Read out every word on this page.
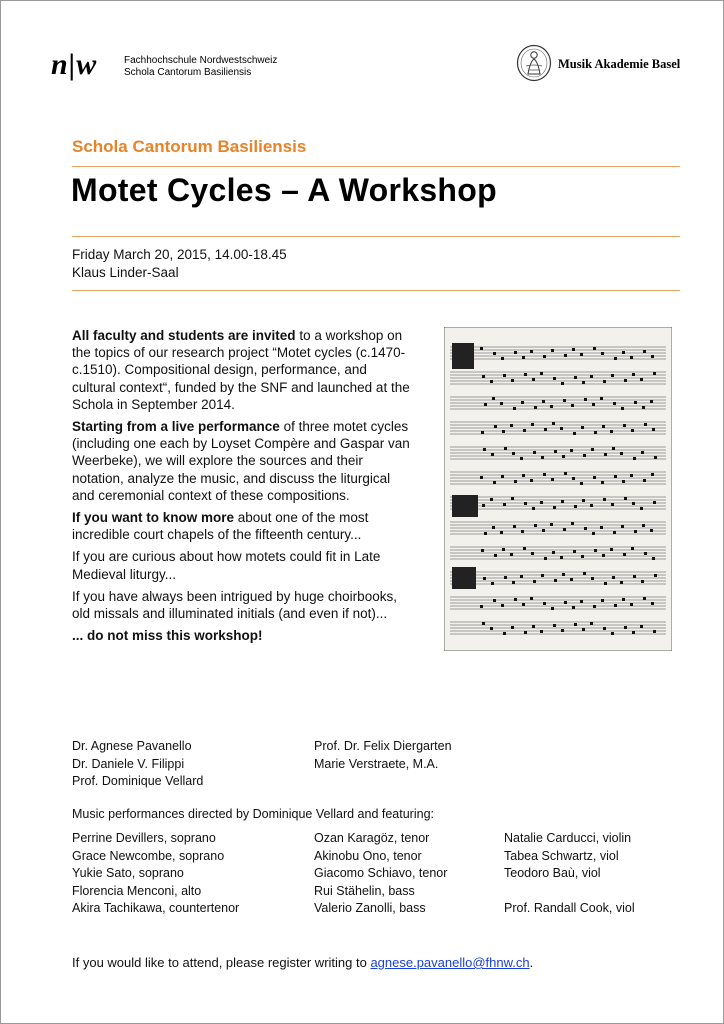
n|w	Fachhochschule Nordwestschweiz
Schola Cantorum Basiliensis
Musik Akademie Basel
Schola Cantorum Basiliensis
Motet Cycles – A Workshop
Friday March 20, 2015, 14.00-18.45
Klaus Linder-Saal

All faculty and students are invited to a workshop on the topics of our research project “Motet cycles (c.1470-c.1510). Compositional design, performance, and cultural context“, funded by the SNF and launched at the Schola in September 2014.

Starting from a live performance of three motet cycles (including one each by Loyset Compère and Gaspar van Weerbeke), we will explore the sources and their notation, analyze the music, and discuss the liturgical and ceremonial context of these compositions.

If you want to know more about one of the most incredible court chapels of the fifteenth century...

If you are curious about how motets could fit in Late Medieval liturgy...

If you have always been intrigued by huge choirbooks, old missals and illuminated initials (and even if not)...

... do not miss this workshop!

Dr. Agnese Pavanello
Dr. Daniele V. Filippi
Prof. Dominique Vellard
Prof. Dr. Felix Diergarten
Marie Verstraete, M.A.
Music performances directed by Dominique Vellard and featuring:
Perrine Devillers, soprano
Grace Newcombe, soprano
Yukie Sato, soprano
Florencia Menconi, alto
Akira Tachikawa, countertenor
Ozan Karagöz, tenor
Akinobu Ono, tenor
Giacomo Schiavo, tenor
Rui Stähelin, bass
Valerio Zanolli, bass
Natalie Carducci, violin
Tabea Schwartz, viol
Teodoro Baù, viol
Prof. Randall Cook, viol
If you would like to attend, please register writing to agnese.pavanello@fhnw.ch.
